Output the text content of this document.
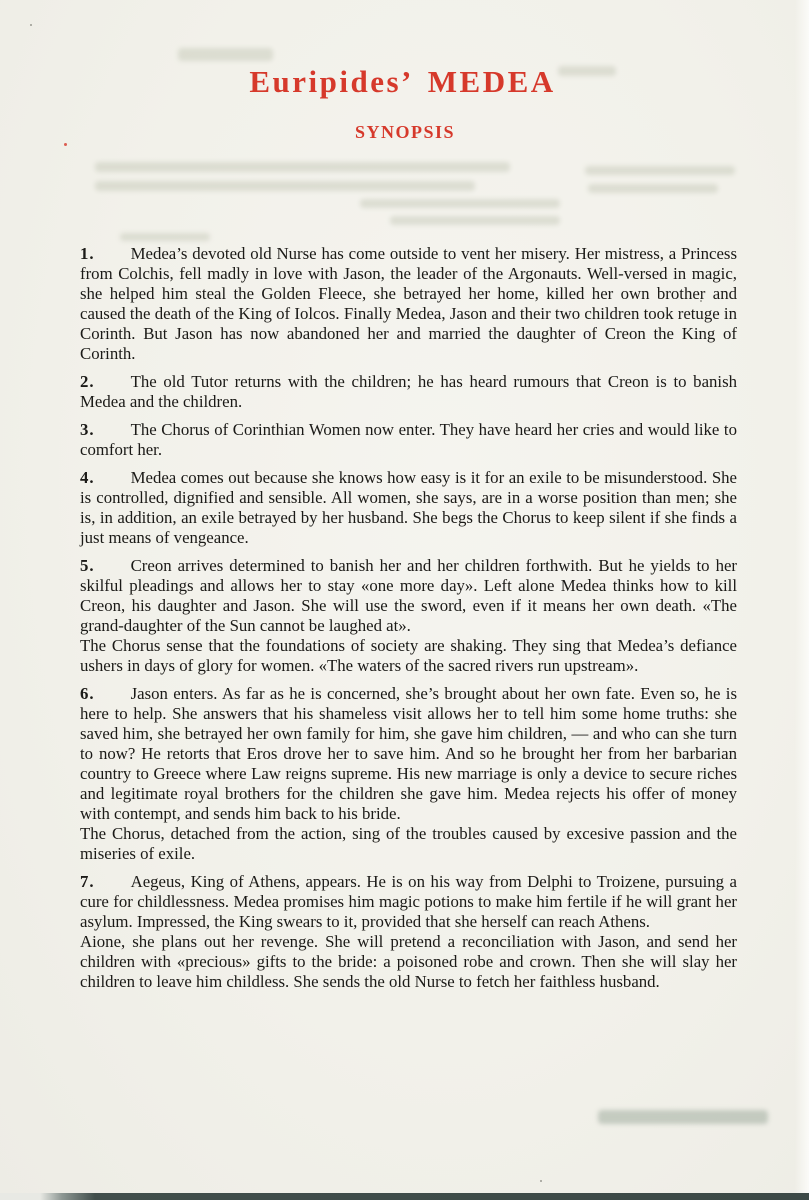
Euripides’ MEDEA
SYNOPSIS

1. Medea’s devoted old Nurse has come outside to vent her misery. Her mistress, a Princess from Colchis, fell madly in love with Jason, the leader of the Argonauts. Well-versed in magic, she helped him steal the Golden Fleece, she betrayed her home, killed her own brother and caused the death of the King of Iolcos. Finally Medea, Jason and their two children took retuge in Corinth. But Jason has now abandoned her and married the daughter of Creon the King of Corinth.

2. The old Tutor returns with the children; he has heard rumours that Creon is to banish Medea and the children.

3. The Chorus of Corinthian Women now enter. They have heard her cries and would like to comfort her.

4. Medea comes out because she knows how easy is it for an exile to be misunderstood. She is controlled, dignified and sensible. All women, she says, are in a worse position than men; she is, in addition, an exile betrayed by her husband. She begs the Chorus to keep silent if she finds a just means of vengeance.

5. Creon arrives determined to banish her and her children forthwith. But he yields to her skilful pleadings and allows her to stay «one more day». Left alone Medea thinks how to kill Creon, his daughter and Jason. She will use the sword, even if it means her own death. «The grand-daughter of the Sun cannot be laughed at».

The Chorus sense that the foundations of society are shaking. They sing that Medea’s defiance ushers in days of glory for women. «The waters of the sacred rivers run upstream».

6. Jason enters. As far as he is concerned, she’s brought about her own fate. Even so, he is here to help. She answers that his shameless visit allows her to tell him some home truths: she saved him, she betrayed her own family for him, she gave him children, — and who can she turn to now? He retorts that Eros drove her to save him. And so he brought her from her barbarian country to Greece where Law reigns supreme. His new marriage is only a device to secure riches and legitimate royal brothers for the children she gave him. Medea rejects his offer of money with contempt, and sends him back to his bride.

The Chorus, detached from the action, sing of the troubles caused by excesive passion and the miseries of exile.

7. Aegeus, King of Athens, appears. He is on his way from Delphi to Troizene, pursuing a cure for childlessness. Medea promises him magic potions to make him fertile if he will grant her asylum. Impressed, the King swears to it, provided that she herself can reach Athens.

Aione, she plans out her revenge. She will pretend a reconciliation with Jason, and send her children with «precious» gifts to the bride: a poisoned robe and crown. Then she will slay her children to leave him childless. She sends the old Nurse to fetch her faithless husband.
